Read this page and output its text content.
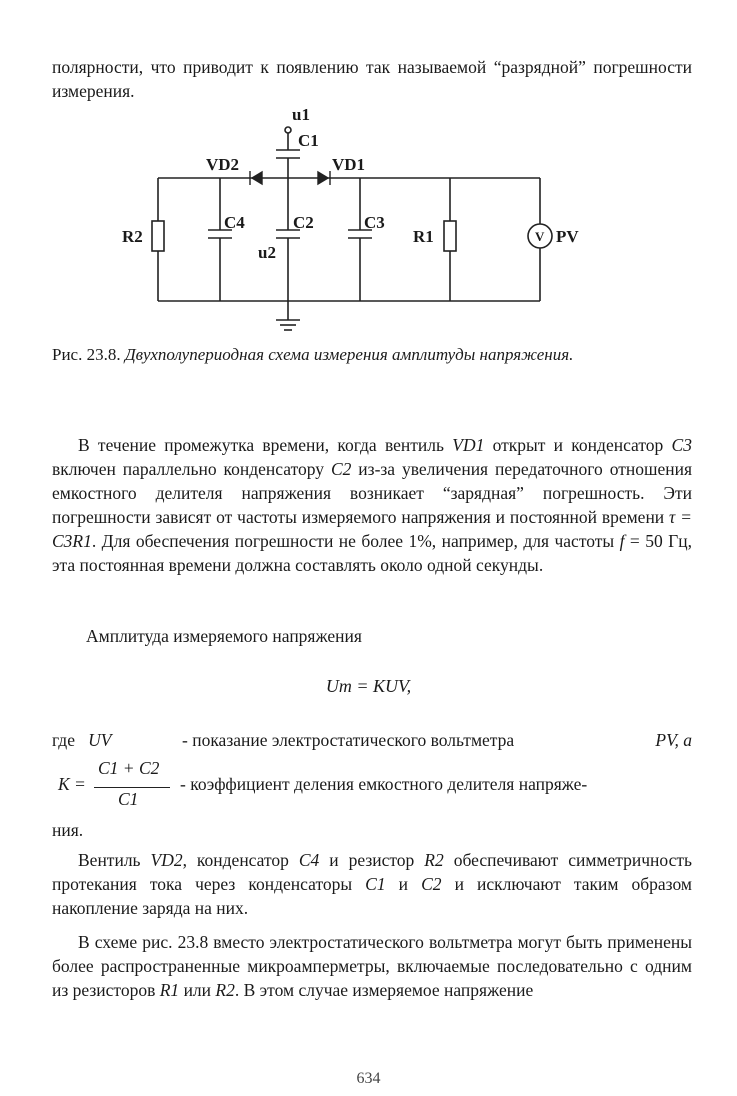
полярности, что приводит к появлению так называемой “разрядной” погрешности измерения.
u1
C1
VD2	VD1
R2
C4	C2	C3
R1
u2
V PV
Рис. 23.8. Двухполупериодная схема измерения амплитуды напряжения.
В течение промежутка времени, когда вентиль VD1 открыт и конденсатор C3 включен параллельно конденсатору C2 из-за увеличения передаточного отношения емкостного делителя напряжения возникает “зарядная” погрешность. Эти погрешности зависят от частоты измеряемого напряжения и постоянной времени τ = C3R1. Для обеспечения погрешности не более 1%, например, для частоты f = 50 Гц, эта постоянная времени должна составлять около одной секунды.
Амплитуда измеряемого напряжения
Um = KUV,
где UV	- показание электростатического вольтметра	PV, а
K =
C1 + C2
C1
- коэффициент деления емкостного делителя напряже-
ния.
Вентиль VD2, конденсатор C4 и резистор R2 обеспечивают симметричность протекания тока через конденсаторы C1 и C2 и исключают таким образом накопление заряда на них.
В схеме рис. 23.8 вместо электростатического вольтметра могут быть применены более распространенные микроамперметры, включаемые последовательно с одним из резисторов R1 или R2. В этом случае измеряемое напряжение
634
